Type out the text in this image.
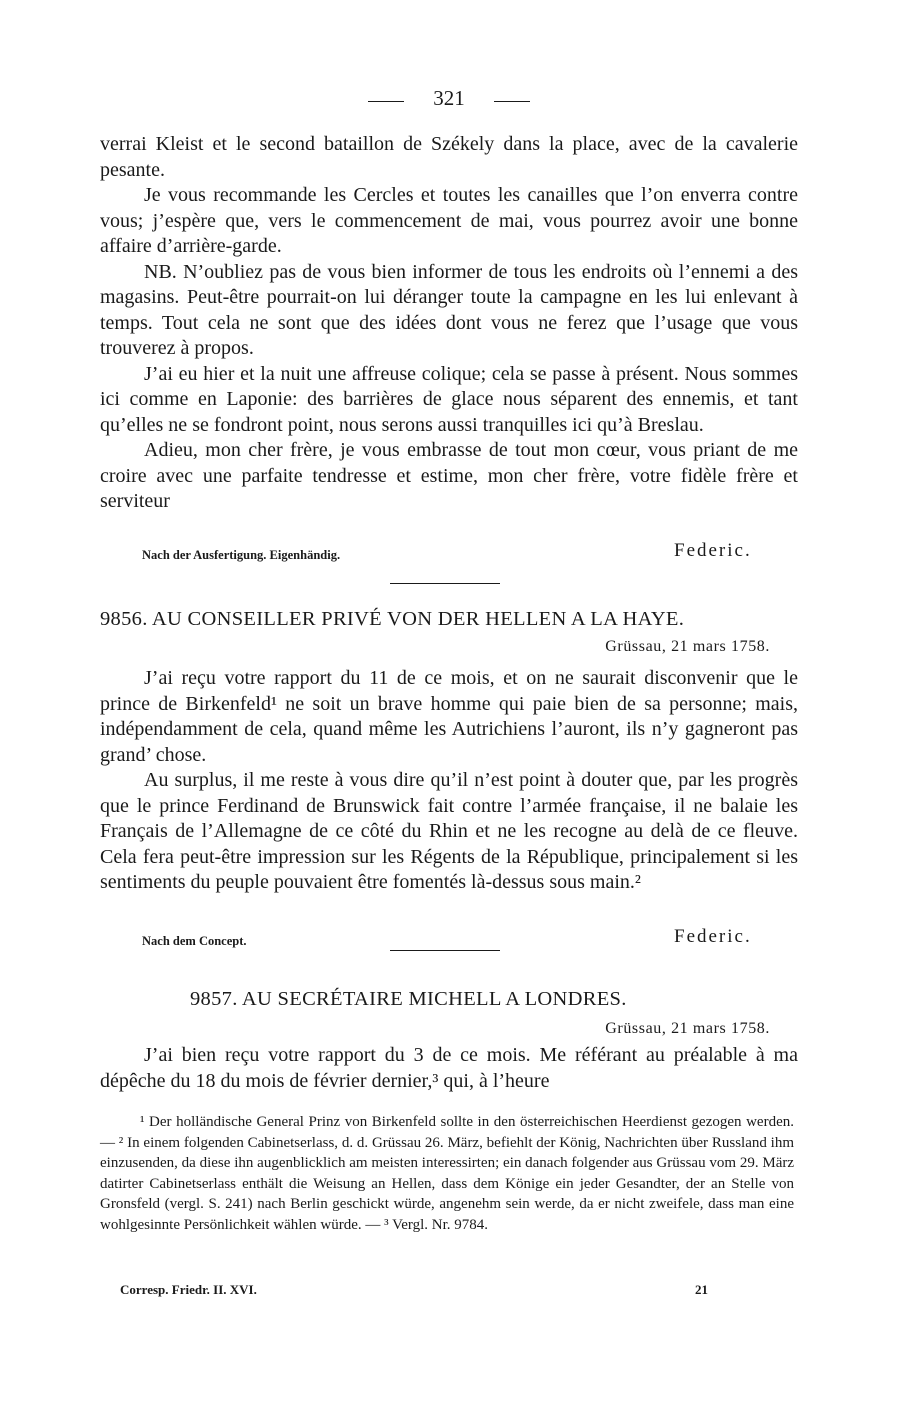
321

verrai Kleist et le second bataillon de Székely dans la place, avec de la cavalerie pesante.

Je vous recommande les Cercles et toutes les canailles que l’on enverra contre vous; j’espère que, vers le commencement de mai, vous pourrez avoir une bonne affaire d’arrière-garde.

NB. N’oubliez pas de vous bien informer de tous les endroits où l’ennemi a des magasins. Peut-être pourrait-on lui déranger toute la campagne en les lui enlevant à temps. Tout cela ne sont que des idées dont vous ne ferez que l’usage que vous trouverez à propos.

J’ai eu hier et la nuit une affreuse colique; cela se passe à présent. Nous sommes ici comme en Laponie: des barrières de glace nous séparent des ennemis, et tant qu’elles ne se fondront point, nous serons aussi tranquilles ici qu’à Breslau.

Adieu, mon cher frère, je vous embrasse de tout mon cœur, vous priant de me croire avec une parfaite tendresse et estime, mon cher frère, votre fidèle frère et serviteur

Nach der Ausfertigung. Eigenhändig.	Federic.
9856. AU CONSEILLER PRIVÉ VON DER HELLEN A LA HAYE.
Grüssau, 21 mars 1758.

J’ai reçu votre rapport du 11 de ce mois, et on ne saurait disconvenir que le prince de Birkenfeld¹ ne soit un brave homme qui paie bien de sa personne; mais, indépendamment de cela, quand même les Autrichiens l’auront, ils n’y gagneront pas grand’ chose.

Au surplus, il me reste à vous dire qu’il n’est point à douter que, par les progrès que le prince Ferdinand de Brunswick fait contre l’armée française, il ne balaie les Français de l’Allemagne de ce côté du Rhin et ne les recogne au delà de ce fleuve. Cela fera peut-être impression sur les Régents de la République, principalement si les sentiments du peuple pouvaient être fomentés là-dessus sous main.²

Nach dem Concept.	Federic.
9857. AU SECRÉTAIRE MICHELL A LONDRES.
Grüssau, 21 mars 1758.

J’ai bien reçu votre rapport du 3 de ce mois. Me référant au préalable à ma dépêche du 18 du mois de février dernier,³ qui, à l’heure

¹ Der holländische General Prinz von Birkenfeld sollte in den österreichischen Heerdienst gezogen werden. — ² In einem folgenden Cabinetserlass, d. d. Grüssau 26. März, befiehlt der König, Nachrichten über Russland ihm einzusenden, da diese ihn augenblicklich am meisten interessirten; ein danach folgender aus Grüssau vom 29. März datirter Cabinetserlass enthält die Weisung an Hellen, dass dem Könige ein jeder Gesandter, der an Stelle von Gronsfeld (vergl. S. 241) nach Berlin geschickt würde, angenehm sein werde, da er nicht zweifele, dass man eine wohlgesinnte Persönlichkeit wählen würde. — ³ Vergl. Nr. 9784.

Corresp. Friedr. II. XVI.	21
